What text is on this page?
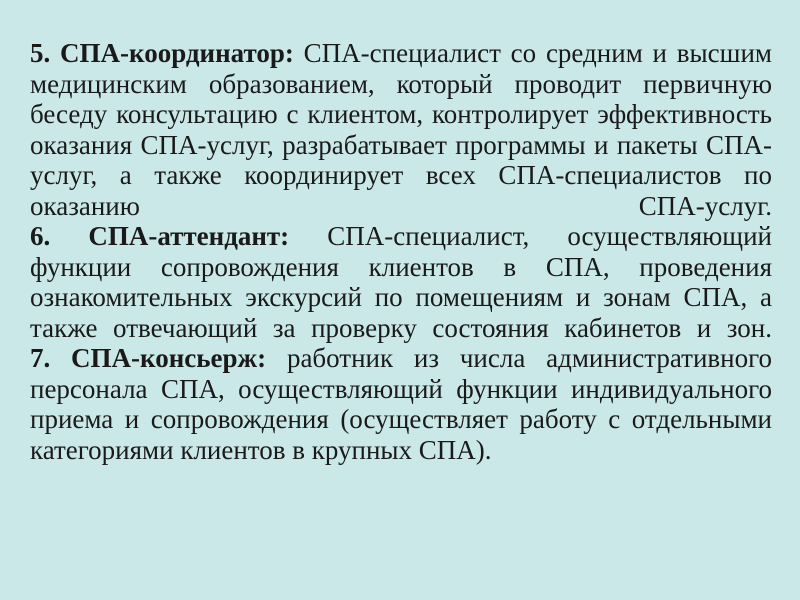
5. СПА-координатор: СПА-специалист со средним и высшим медицинским образованием, который проводит первичную беседу консультацию с клиентом, контролирует эффективность оказания СПА-услуг, разрабатывает программы и пакеты СПА-услуг, а также координирует всех СПА-специалистов по оказанию СПА-услуг.

6. СПА-аттендант: СПА-специалист, осуществляющий функции сопровождения клиентов в СПА, проведения ознакомительных экскурсий по помещениям и зонам СПА, а также отвечающий за проверку состояния кабинетов и зон.

7. СПА-консьерж: работник из числа административного персонала СПА, осуществляющий функции индивидуального приема и сопровождения (осуществляет работу с отдельными категориями клиентов в крупных СПА).
